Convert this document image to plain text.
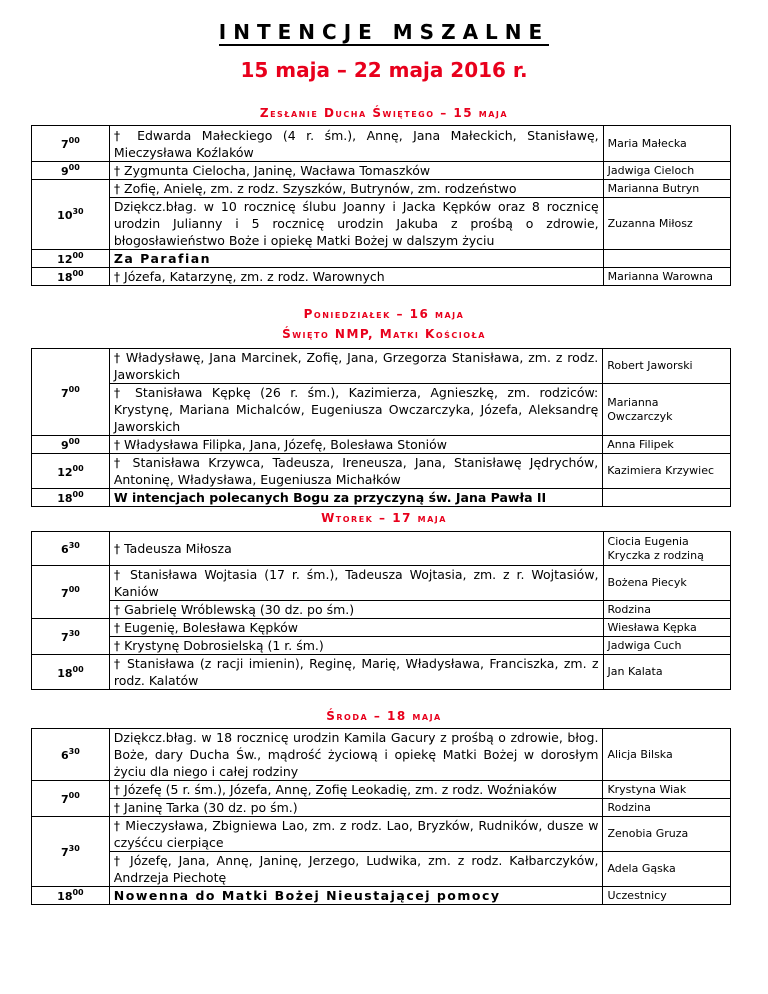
INTENCJE MSZALNE
15 maja – 22 maja 2016 r.
Zesłanie Ducha Świętego – 15 maja
$7^{00}$	† Edwarda Małeckiego (4 r. śm.), Annę, Jana Małeckich, Stanisławę, Mieczysława Koźlaków	Maria Małecka
$9^{00}$	† Zygmunta Cielocha, Janinę, Wacława Tomaszków	Jadwiga Cieloch
$10^{30}$	† Zofię, Anielę, zm. z rodz. Szyszków, Butrynów, zm. rodzeństwo	Marianna Butryn
	Dziękcz.błag. w 10 rocznicę ślubu Joanny i Jacka Kępków oraz 8 rocznicę urodzin Julianny i 5 rocznicę urodzin Jakuba z prośbą o zdrowie, błogosławieństwo Boże i opiekę Matki Bożej w dalszym życiu	Zuzanna Miłosz
$12^{00}$	Za Parafian	
$18^{00}$	† Józefa, Katarzynę, zm. z rodz. Warownych	Marianna Warowna
Poniedziałek – 16 maja
Święto NMP, Matki Kościoła
$7^{00}$	† Władysławę, Jana Marcinek, Zofię, Jana, Grzegorza Stanisława, zm. z rodz. Jaworskich	Robert Jaworski
	† Stanisława Kępkę (26 r. śm.), Kazimierza, Agnieszkę, zm. rodziców: Krystynę, Mariana Michalców, Eugeniusza Owczarczyka, Józefa, Aleksandrę Jaworskich	Marianna Owczarczyk
$9^{00}$	† Władysława Filipka, Jana, Józefę, Bolesława Stoniów	Anna Filipek
$12^{00}$	† Stanisława Krzywca, Tadeusza, Ireneusza, Jana, Stanisławę Jędrychów, Antoninę, Władysława, Eugeniusza Michałków	Kazimiera Krzywiec
$18^{00}$	W intencjach polecanych Bogu za przyczyną św. Jana Pawła II	
Wtorek – 17 maja
$6^{30}$	† Tadeusza Miłosza	Ciocia Eugenia Kryczka z rodziną
$7^{00}$	† Stanisława Wojtasia (17 r. śm.), Tadeusza Wojtasia, zm. z r. Wojtasiów, Kaniów	Bożena Piecyk
	† Gabrielę Wróblewską (30 dz. po śm.)	Rodzina
$7^{30}$	† Eugenię, Bolesława Kępków	Wiesława Kępka
	† Krystynę Dobrosielską (1 r. śm.)	Jadwiga Cuch
$18^{00}$	† Stanisława (z racji imienin), Reginę, Marię, Władysława, Franciszka, zm. z rodz. Kalatów	Jan Kalata
Środa – 18 maja
$6^{30}$	Dziękcz.błag. w 18 rocznicę urodzin Kamila Gacury z prośbą o zdrowie, błog. Boże, dary Ducha Św., mądrość życiową i opiekę Matki Bożej w dorosłym życiu dla niego i całej rodziny	Alicja Bilska
$7^{00}$	† Józefę (5 r. śm.), Józefa, Annę, Zofię Leokadię, zm. z rodz. Woźniaków	Krystyna Wiak
	† Janinę Tarka (30 dz. po śm.)	Rodzina
$7^{30}$	† Mieczysława, Zbigniewa Lao, zm. z rodz. Lao, Bryzków, Rudników, dusze w czyśćcu cierpiące	Zenobia Gruza
	† Józefę, Jana, Annę, Janinę, Jerzego, Ludwika, zm. z rodz. Kałbarczyków, Andrzeja Piechotę	Adela Gąska
$18^{00}$	Nowenna do Matki Bożej Nieustającej pomocy	Uczestnicy
